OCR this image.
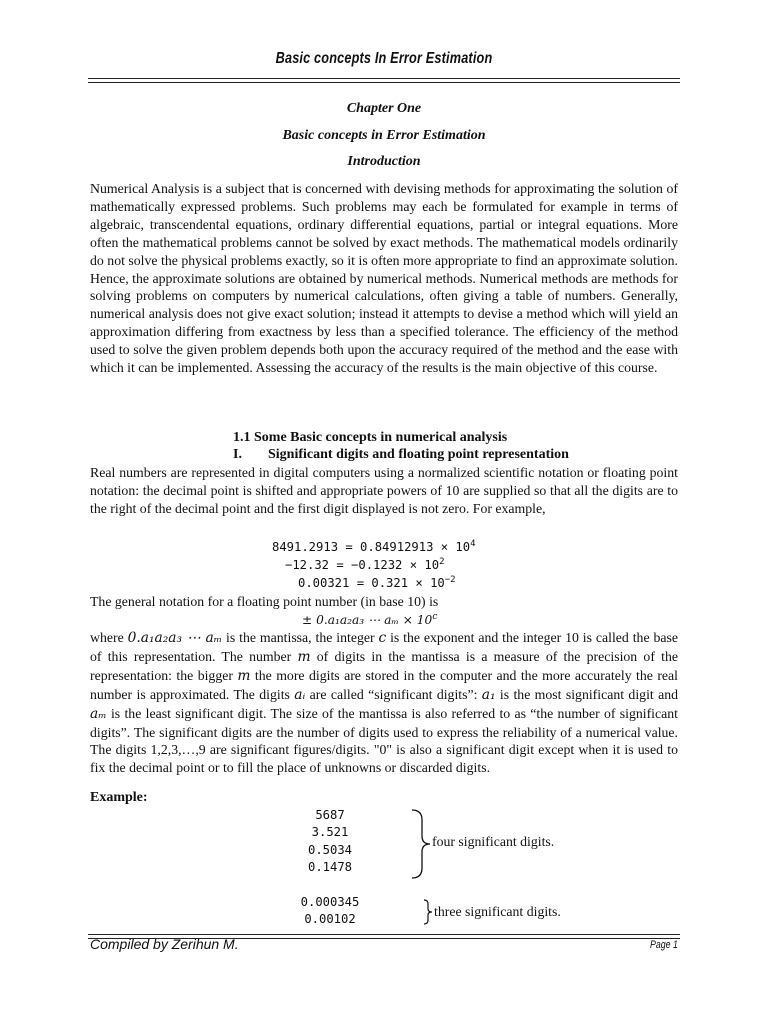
Basic concepts In Error Estimation
Chapter One
Basic concepts in Error Estimation
Introduction
Numerical Analysis is a subject that is concerned with devising methods for approximating the solution of mathematically expressed problems. Such problems may each be formulated for example in terms of algebraic, transcendental equations, ordinary differential equations, partial or integral equations. More often the mathematical problems cannot be solved by exact methods. The mathematical models ordinarily do not solve the physical problems exactly, so it is often more appropriate to find an approximate solution. Hence, the approximate solutions are obtained by numerical methods. Numerical methods are methods for solving problems on computers by numerical calculations, often giving a table of numbers. Generally, numerical analysis does not give exact solution; instead it attempts to devise a method which will yield an approximation differing from exactness by less than a specified tolerance. The efficiency of the method used to solve the given problem depends both upon the accuracy required of the method and the ease with which it can be implemented. Assessing the accuracy of the results is the main objective of this course.
1.1 Some Basic concepts in numerical analysis
I. Significant digits and floating point representation
Real numbers are represented in digital computers using a normalized scientific notation or floating point notation: the decimal point is shifted and appropriate powers of 10 are supplied so that all the digits are to the right of the decimal point and the first digit displayed is not zero. For example,
$8491.2913 = 0.84912913 \times 10^4$
$-12.32 = -0.1232 \times 10^2$
$0.00321 = 0.321 \times 10^{-2}$
The general notation for a floating point number (in base 10) is
± 0.a₁a₂a₃ ⋯ $a_m \times 10^c$
where 0.a₁a₂a₃ ⋯ aₘ is the mantissa, the integer c is the exponent and the integer 10 is called the base of this representation. The number m of digits in the mantissa is a measure of the precision of the representation: the bigger m the more digits are stored in the computer and the more accurately the real number is approximated. The digits aᵢ are called “significant digits”: a₁ is the most significant digit and aₘ is the least significant digit. The size of the mantissa is also referred to as “the number of significant digits”. The significant digits are the number of digits used to express the reliability of a numerical value. The digits 1,2,3,…,9 are significant figures/digits. "0" is also a significant digit except when it is used to fix the decimal point or to fill the place of unknowns or discarded digits.
Example:
5687
3.521
0.5034
0.1478
four significant digits.
0.000345
0.00102
three significant digits.
Compiled by Zerihun M.	Page 1
